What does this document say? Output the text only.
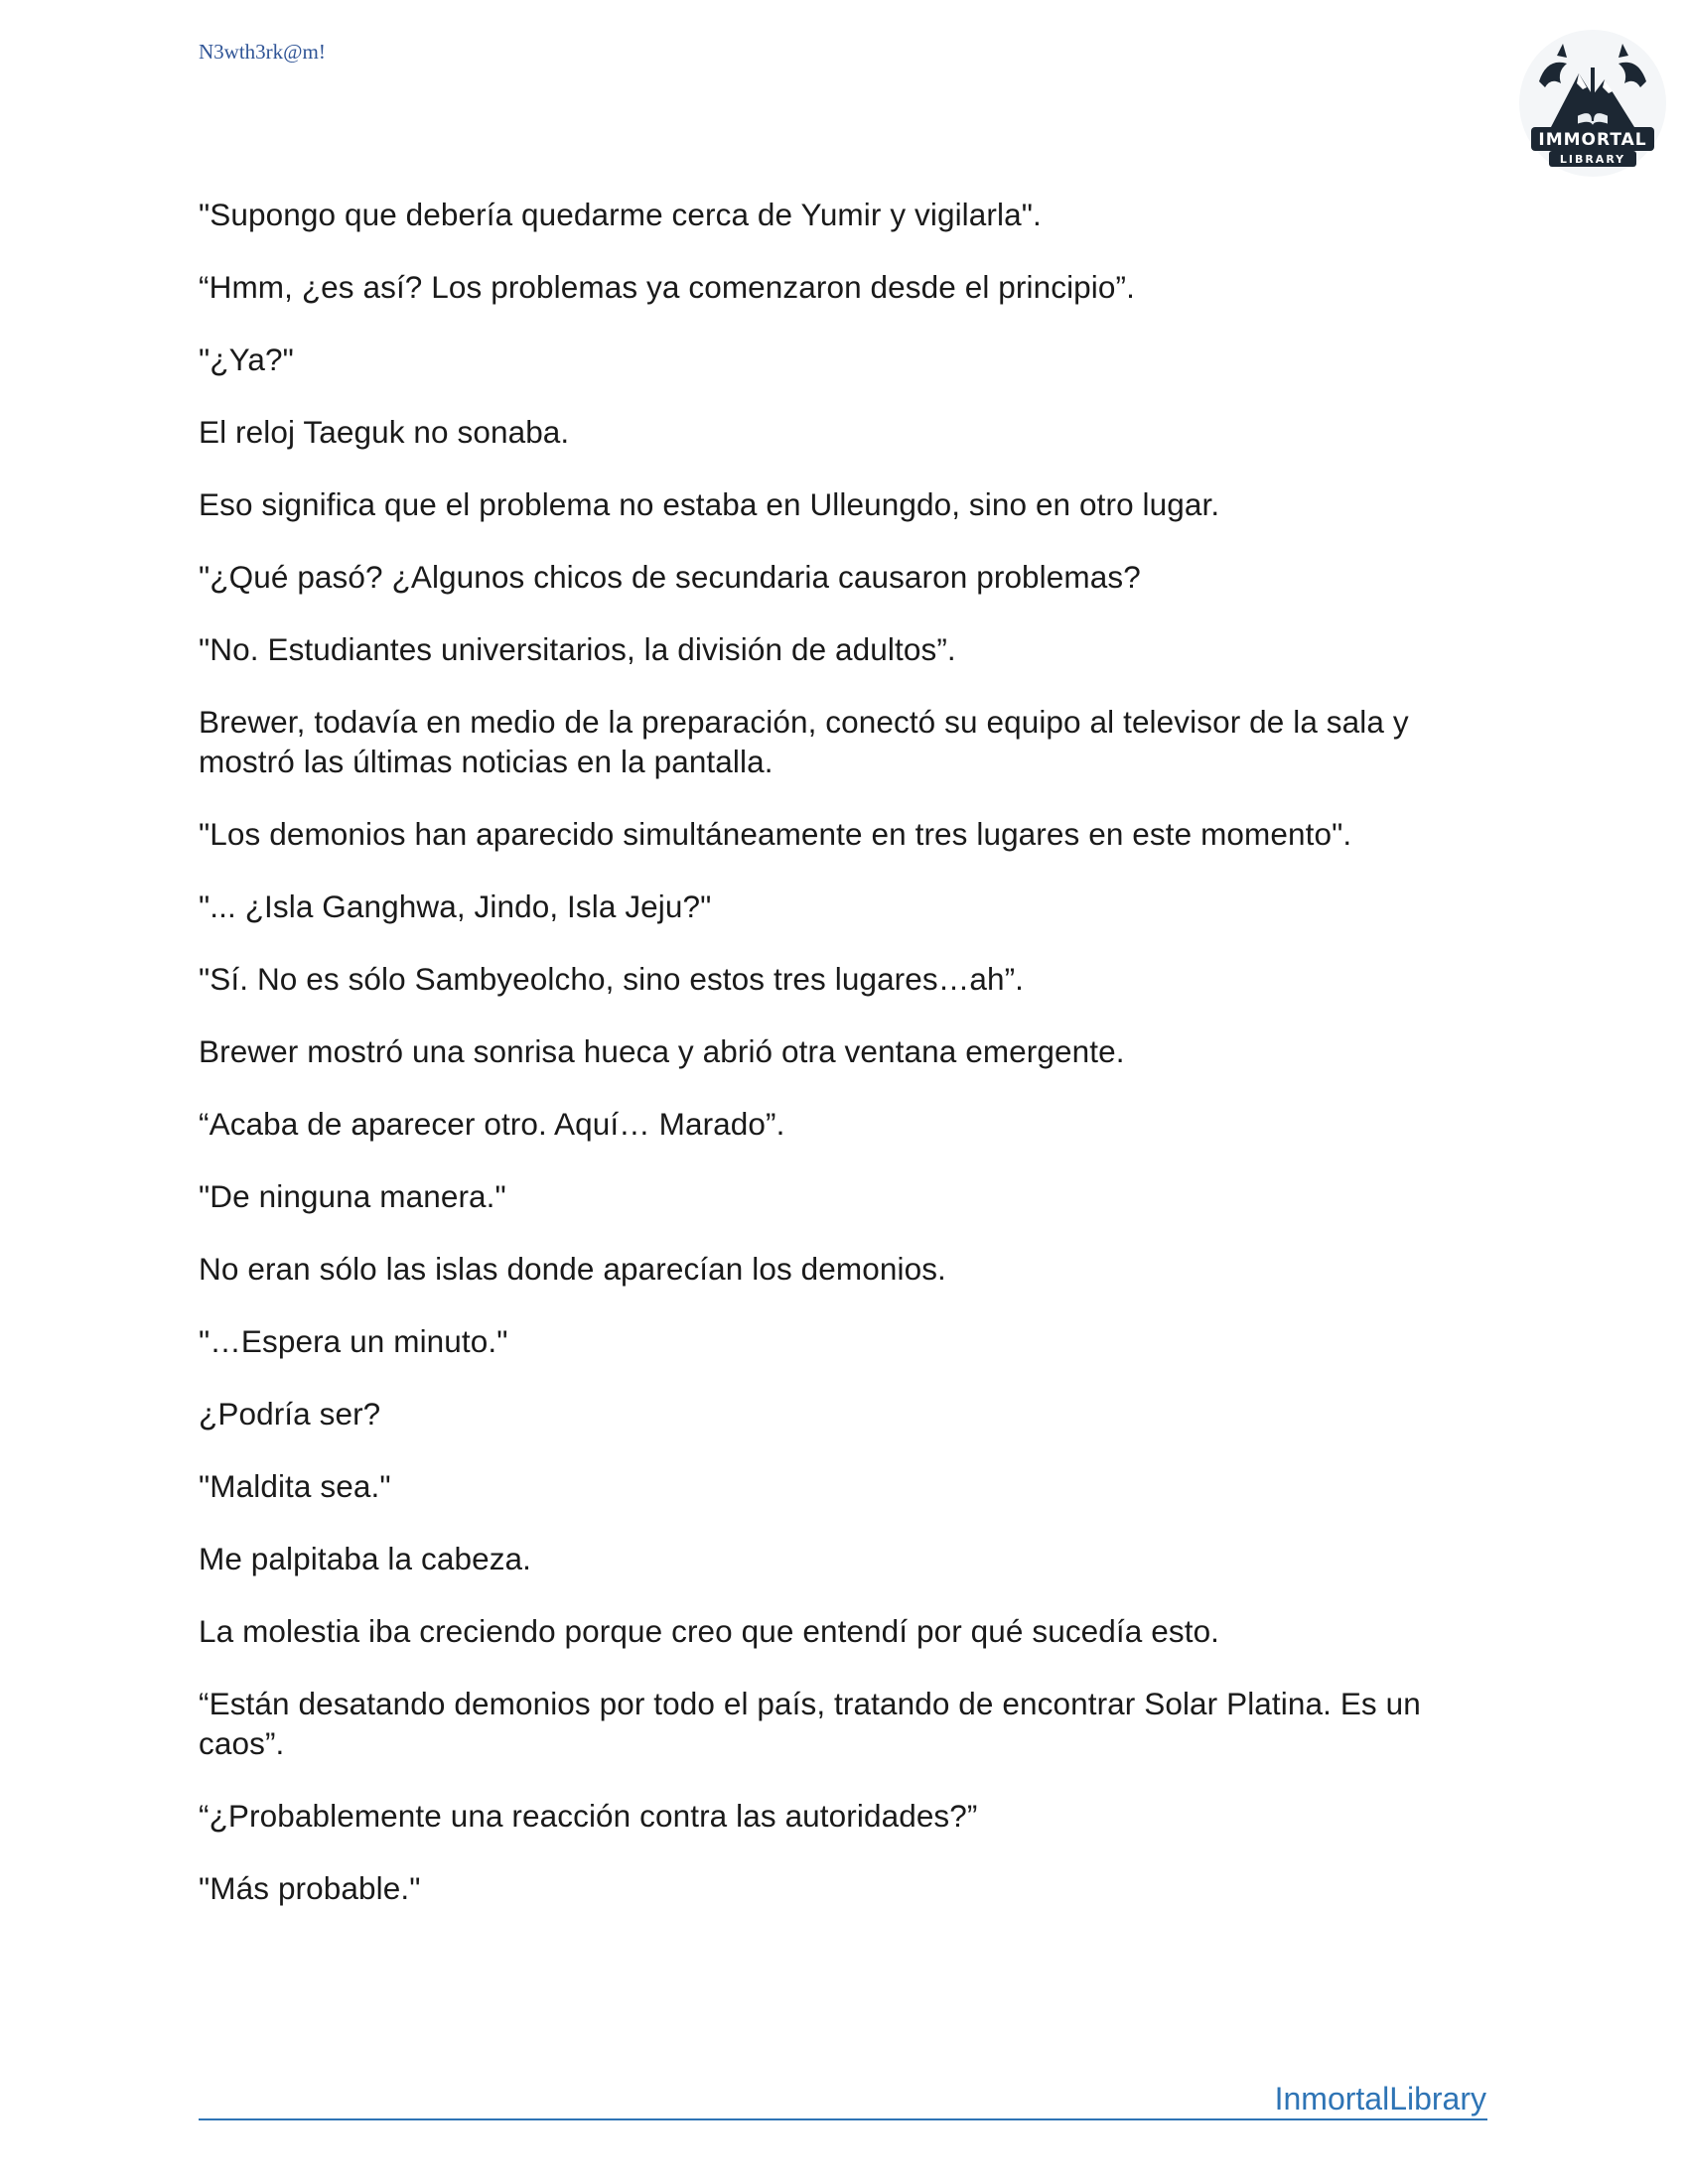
N3wth3rk@m!
IMMORTAL
LIBRARY

"Supongo que debería quedarme cerca de Yumir y vigilarla".

“Hmm, ¿es así? Los problemas ya comenzaron desde el principio”.

"¿Ya?"

El reloj Taeguk no sonaba.

Eso significa que el problema no estaba en Ulleungdo, sino en otro lugar.

"¿Qué pasó? ¿Algunos chicos de secundaria causaron problemas?

"No. Estudiantes universitarios, la división de adultos”.

Brewer, todavía en medio de la preparación, conectó su equipo al televisor de la sala y mostró las últimas noticias en la pantalla.

"Los demonios han aparecido simultáneamente en tres lugares en este momento".

"... ¿Isla Ganghwa, Jindo, Isla Jeju?"

"Sí. No es sólo Sambyeolcho, sino estos tres lugares…ah”.

Brewer mostró una sonrisa hueca y abrió otra ventana emergente.

“Acaba de aparecer otro. Aquí… Marado”.

"De ninguna manera."

No eran sólo las islas donde aparecían los demonios.

"…Espera un minuto."

¿Podría ser?

"Maldita sea."

Me palpitaba la cabeza.

La molestia iba creciendo porque creo que entendí por qué sucedía esto.

“Están desatando demonios por todo el país, tratando de encontrar Solar Platina. Es un caos”.

“¿Probablemente una reacción contra las autoridades?”

"Más probable."

InmortalLibrary
